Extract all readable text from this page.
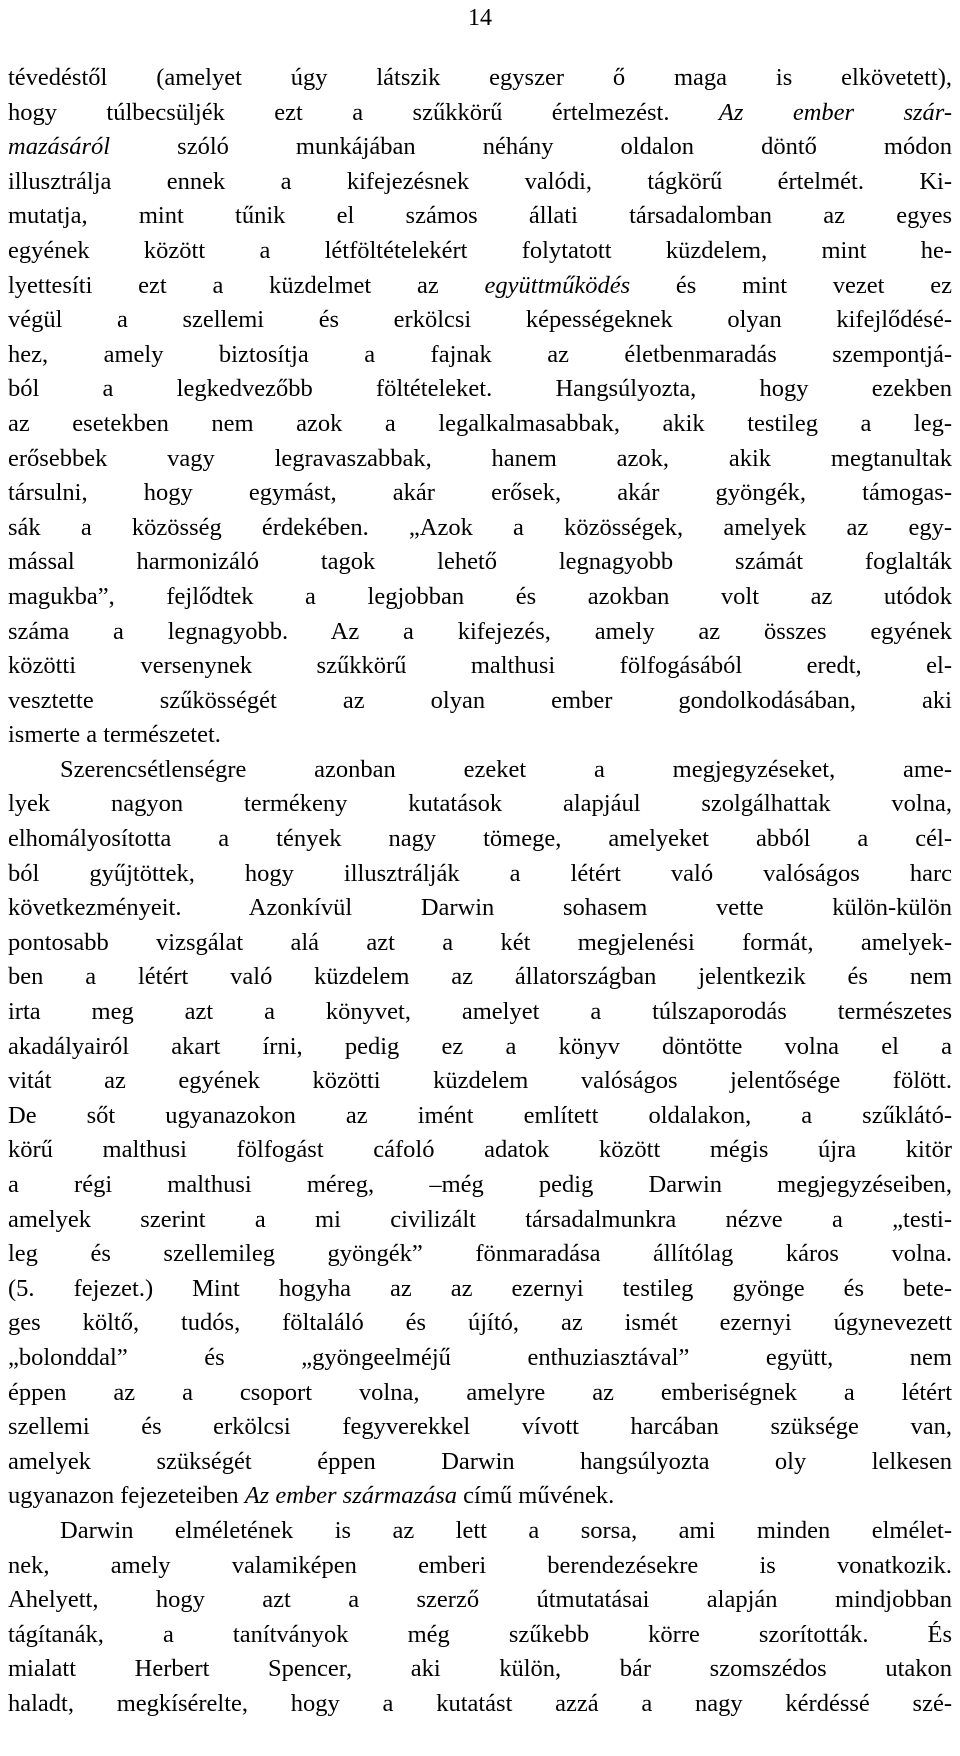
14
tévedéstől (amelyet úgy látszik egyszer ő maga is elkövetett),
hogy túlbecsüljék ezt a szűkkörű értelmezést. Az ember szár-
mazásáról szóló munkájában néhány oldalon döntő módon
illusztrálja ennek a kifejezésnek valódi, tágkörű értelmét. Ki-
mutatja, mint tűnik el számos állati társadalomban az egyes
egyének között a létföltételekért folytatott küzdelem, mint he-
lyettesíti ezt a küzdelmet az együttműködés és mint vezet ez
végül a szellemi és erkölcsi képességeknek olyan kifejlődésé-
hez, amely biztosítja a fajnak az életbenmaradás szempontjá-
ból a legkedvezőbb föltételeket. Hangsúlyozta, hogy ezekben
az esetekben nem azok a legalkalmasabbak, akik testileg a leg-
erősebbek vagy legravaszabbak, hanem azok, akik megtanultak
társulni, hogy egymást, akár erősek, akár gyöngék, támogas-
sák a közösség érdekében. „Azok a közösségek, amelyek az egy-
mással harmonizáló tagok lehető legnagyobb számát foglalták
magukba”, fejlődtek a legjobban és azokban volt az utódok
száma a legnagyobb. Az a kifejezés, amely az összes egyének
közötti versenynek szűkkörű malthusi fölfogásából eredt, el-
vesztette szűkösségét az olyan ember gondolkodásában, aki
ismerte a természetet.
Szerencsétlenségre azonban ezeket a megjegyzéseket, ame-
lyek nagyon termékeny kutatások alapjául szolgálhattak volna,
elhomályosította a tények nagy tömege, amelyeket abból a cél-
ból gyűjtöttek, hogy illusztrálják a létért való valóságos harc
következményeit. Azonkívül Darwin sohasem vette külön-külön
pontosabb vizsgálat alá azt a két megjelenési formát, amelyek-
ben a létért való küzdelem az állatországban jelentkezik és nem
irta meg azt a könyvet, amelyet a túlszaporodás természetes
akadályairól akart írni, pedig ez a könyv döntötte volna el a
vitát az egyének közötti küzdelem valóságos jelentősége fölött.
De sőt ugyanazokon az imént említett oldalakon, a szűklátó-
körű malthusi fölfogást cáfoló adatok között mégis újra kitör
a régi malthusi méreg, –még pedig Darwin megjegyzéseiben,
amelyek szerint a mi civilizált társadalmunkra nézve a „testi-
leg és szellemileg gyöngék” fönmaradása állítólag káros volna.
(5. fejezet.) Mint hogyha az az ezernyi testileg gyönge és bete-
ges költő, tudós, föltaláló és újító, az ismét ezernyi úgynevezett
„bolonddal” és „gyöngeelméjű enthuziasztával” együtt, nem
éppen az a csoport volna, amelyre az emberiségnek a létért
szellemi és erkölcsi fegyverekkel vívott harcában szüksége van,
amelyek szükségét éppen Darwin hangsúlyozta oly lelkesen
ugyanazon fejezeteiben Az ember származása című művének.
Darwin elméletének is az lett a sorsa, ami minden elmélet-
nek, amely valamiképen emberi berendezésekre is vonatkozik.
Ahelyett, hogy azt a szerző útmutatásai alapján mindjobban
tágítanák, a tanítványok még szűkebb körre szorították. És
mialatt Herbert Spencer, aki külön, bár szomszédos utakon
haladt, megkísérelte, hogy a kutatást azzá a nagy kérdéssé szé-
